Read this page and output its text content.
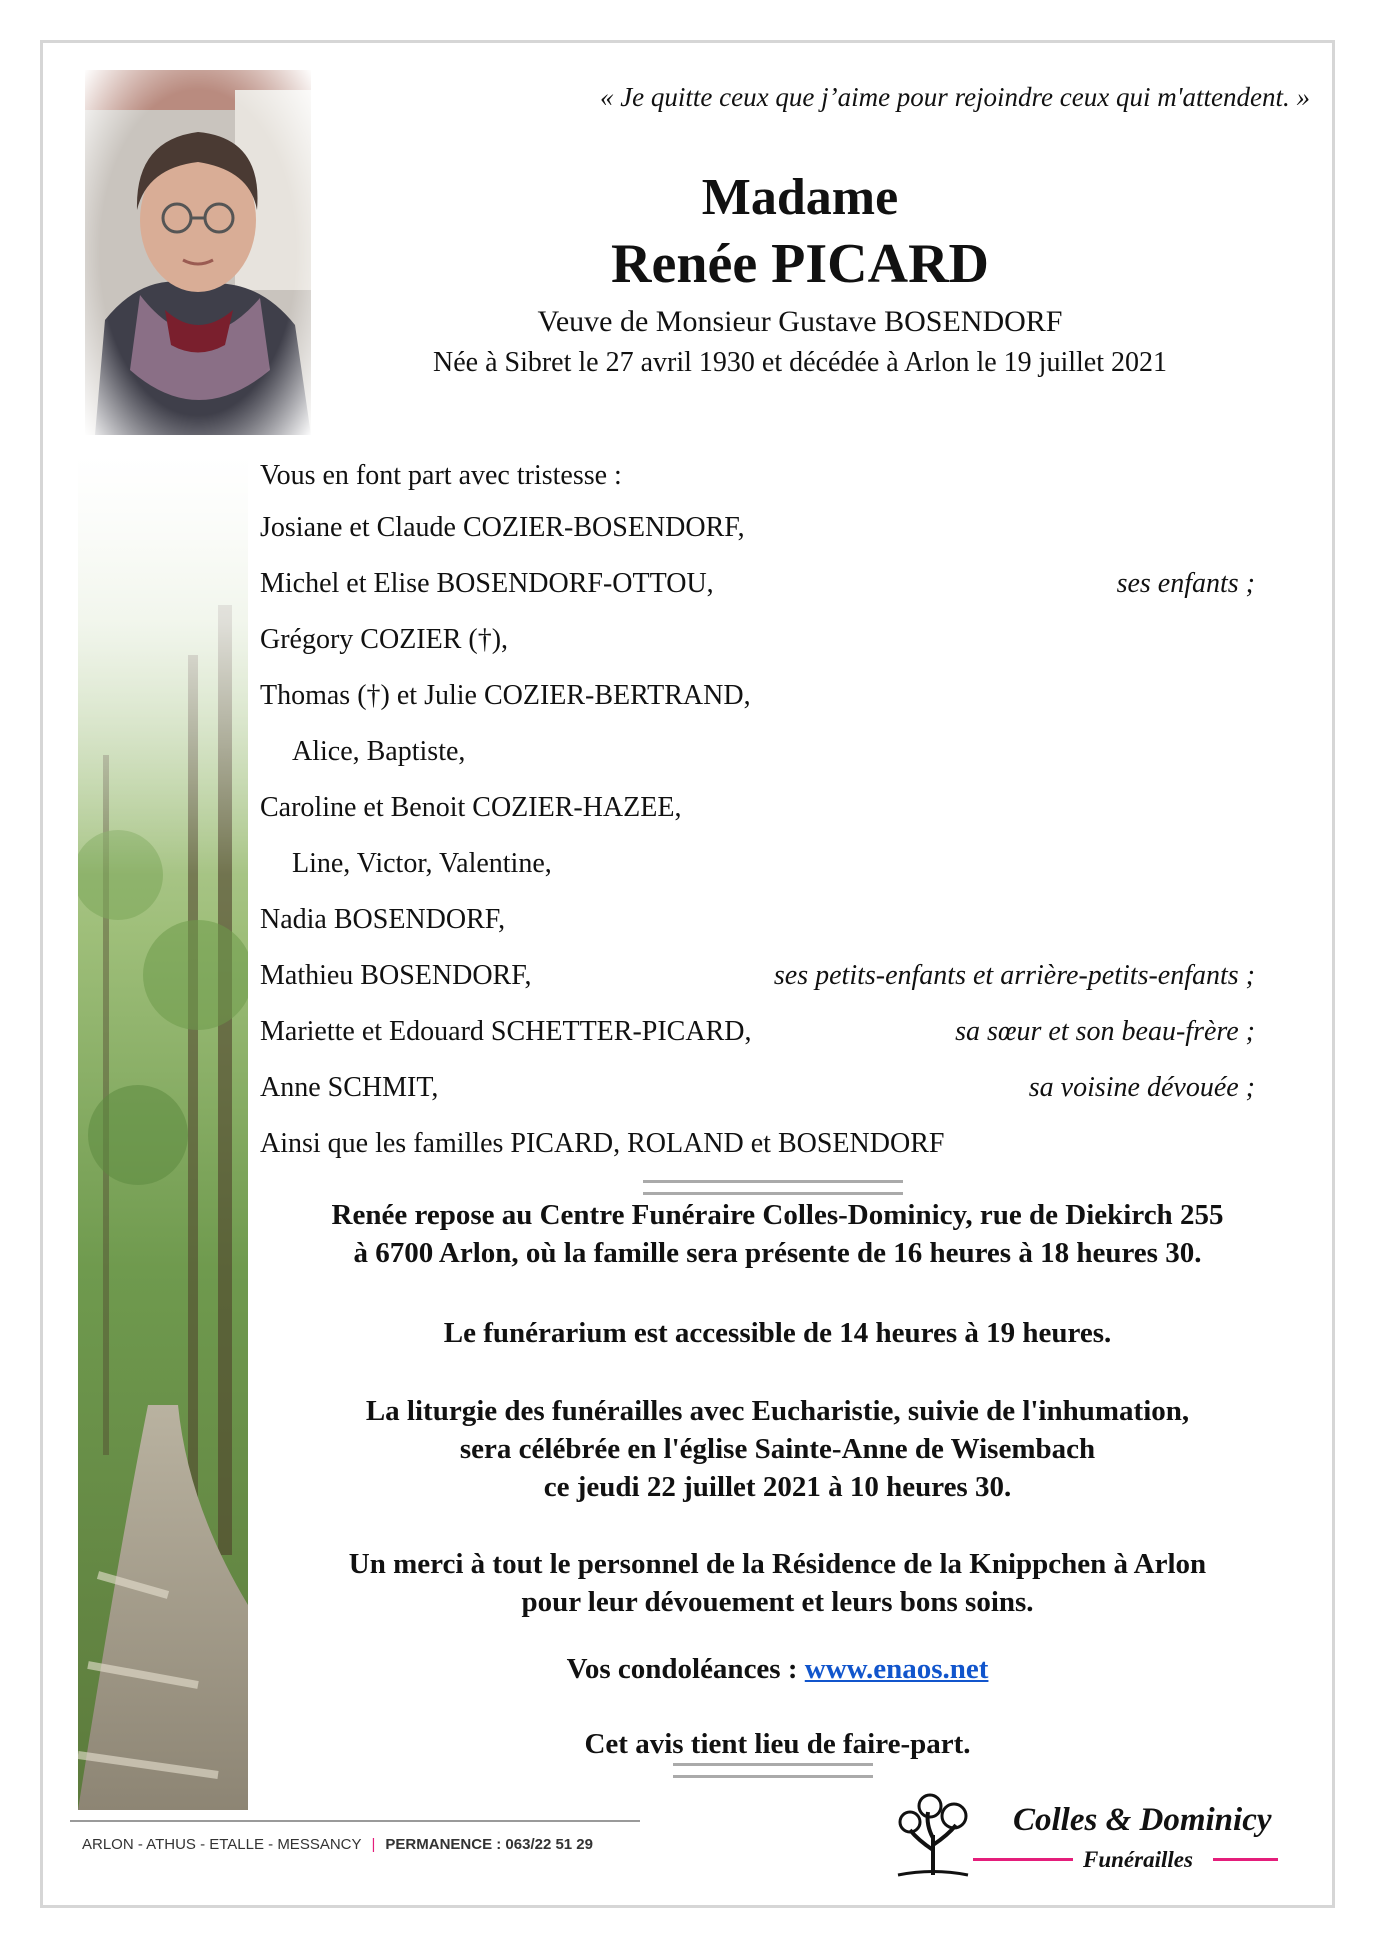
« Je quitte ceux que j’aime pour rejoindre ceux qui m'attendent. »

Madame

Renée PICARD

Veuve de Monsieur Gustave BOSENDORF

Née à Sibret le 27 avril 1930 et décédée à Arlon le 19 juillet 2021

Vous en font part avec tristesse :

Josiane et Claude COZIER-BOSENDORF,
Michel et Elise BOSENDORF-OTTOU,	ses enfants ;
Grégory COZIER (†),
Thomas (†) et Julie COZIER-BERTRAND,
Alice, Baptiste,
Caroline et Benoit COZIER-HAZEE,
Line, Victor, Valentine,
Nadia BOSENDORF,
Mathieu BOSENDORF,	ses petits-enfants et arrière-petits-enfants ;
Mariette et Edouard SCHETTER-PICARD,	sa sœur et son beau-frère ;
Anne SCHMIT,	sa voisine dévouée ;
Ainsi que les familles PICARD, ROLAND et BOSENDORF

Renée repose au Centre Funéraire Colles-Dominicy, rue de Diekirch 255

à 6700 Arlon, où la famille sera présente de 16 heures à 18 heures 30.

Le funérarium est accessible de 14 heures à 19 heures.

La liturgie des funérailles avec Eucharistie, suivie de l'inhumation,

sera célébrée en l'église Sainte-Anne de Wisembach

ce jeudi 22 juillet 2021 à 10 heures 30.

Un merci à tout le personnel de la Résidence de la Knippchen à Arlon

pour leur dévouement et leurs bons soins.

Vos condoléances : www.enaos.net

Cet avis tient lieu de faire-part.

ARLON - ATHUS - ETALLE - MESSANCY | PERMANENCE : 063/22 51 29
Colles & Dominicy
Funérailles
